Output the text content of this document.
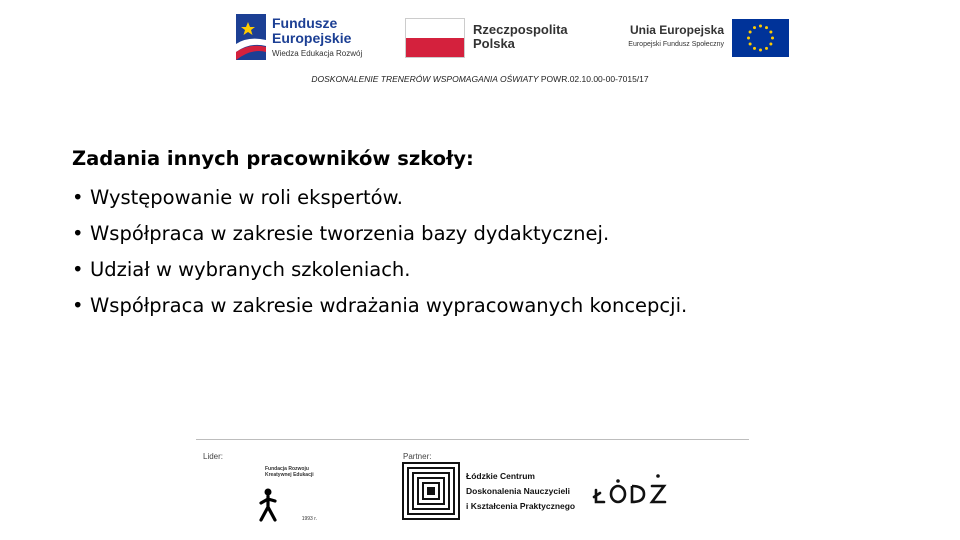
Fundusze
Europejskie
Wiedza Edukacja Rozwój
Rzeczpospolita
Polska
Unia Europejska
Europejski Fundusz Społeczny
DOSKONALENIE TRENERÓW WSPOMAGANIA OŚWIATY POWR.02.10.00-00-7015/17
Zadania innych pracowników szkoły:
• Występowanie w roli ekspertów.
• Współpraca w zakresie tworzenia bazy dydaktycznej.
• Udział w wybranych szkoleniach.
• Współpraca w zakresie wdrażania wypracowanych koncepcji.
Lider:	Partner:
Fundacja Rozwoju Kreatywnej Edukacji
1993 r.
Łódzkie Centrum
Doskonalenia Nauczycieli
i Kształcenia Praktycznego
